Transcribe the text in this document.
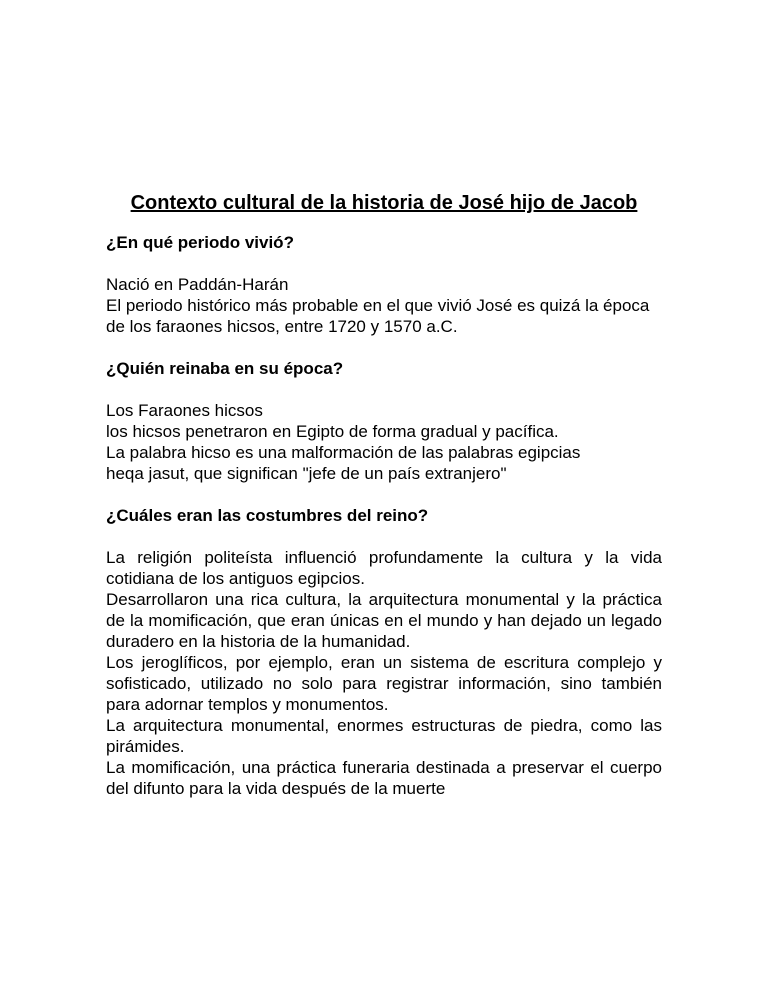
Contexto cultural de la historia de José hijo de Jacob
¿En qué periodo vivió?
Nació en Paddán-Harán
El periodo histórico más probable en el que vivió José es quizá la época
de los faraones hicsos, entre 1720 y 1570 a.C.
¿Quién reinaba en su época?
Los Faraones hicsos
los hicsos penetraron en Egipto de forma gradual y pacífica.
La palabra hicso es una malformación de las palabras egipcias
heqa jasut, que significan "jefe de un país extranjero"
¿Cuáles eran las costumbres del reino?
La religión politeísta influenció profundamente la cultura y la vida
cotidiana de los antiguos egipcios.
Desarrollaron una rica cultura, la arquitectura monumental y la práctica
de la momificación, que eran únicas en el mundo y han dejado un legado
duradero en la historia de la humanidad.
Los jeroglíficos, por ejemplo, eran un sistema de escritura complejo y
sofisticado, utilizado no solo para registrar información, sino también
para adornar templos y monumentos.
La arquitectura monumental, enormes estructuras de piedra, como las
pirámides.
La momificación, una práctica funeraria destinada a preservar el cuerpo
del difunto para la vida después de la muerte
